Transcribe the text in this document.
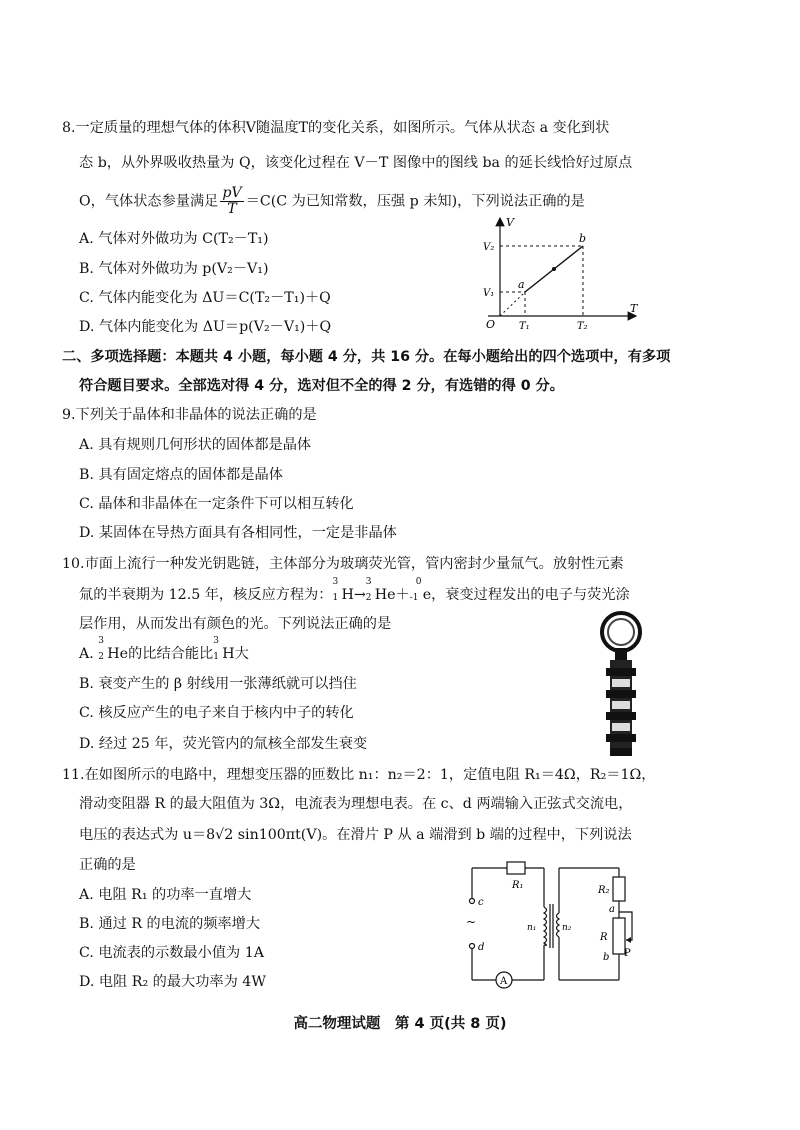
8.一定质量的理想气体的体积V随温度T的变化关系，如图所示。气体从状态 a 变化到状
态 b，从外界吸收热量为 Q，该变化过程在 V－T 图像中的图线 ba 的延长线恰好过原点
O，气体状态参量满足 $\frac{pV}{T} =C(C$ 为已知常数，压强 p 未知)，下列说法正确的是
A. 气体对外做功为 C(T₂－T₁)
B. 气体对外做功为 p(V₂－V₁)
C. 气体内能变化为 ΔU＝C(T₂－T₁)＋Q
D. 气体内能变化为 ΔU＝p(V₂－V₁)＋Q
V
T
O
V₂
V₁
T₁	T₂
a
b
二、多项选择题：本题共 4 小题，每小题 4 分，共 16 分。在每小题给出的四个选项中，有多项
符合题目要求。全部选对得 4 分，选对但不全的得 2 分，有选错的得 0 分。
9.下列关于晶体和非晶体的说法正确的是
A. 具有规则几何形状的固体都是晶体
B. 具有固定熔点的固体都是晶体
C. 晶体和非晶体在一定条件下可以相互转化
D. 某固体在导热方面具有各相同性，一定是非晶体
10.市面上流行一种发光钥匙链，主体部分为玻璃荧光管，管内密封少量氚气。放射性元素
氚的半衰期为 12.5 年，核反应方程为：
3
1 H→
3
2 He＋
0
-1 e，衰变过程发出的电子与荧光涂
层作用，从而发出有颜色的光。下列说法正确的是
A.
3
2 He的比结合能比
3
1 H大
B. 衰变产生的 β 射线用一张薄纸就可以挡住
C. 核反应产生的电子来自于核内中子的转化
D. 经过 25 年，荧光管内的氚核全部发生衰变
11.在如图所示的电路中，理想变压器的匝数比 n₁：n₂＝2：1，定值电阻 R₁＝4Ω，R₂＝1Ω，
滑动变阻器 R 的最大阻值为 3Ω，电流表为理想电表。在 c、d 两端输入正弦式交流电，
电压的表达式为 u＝8√2 sin100πt(V)。在滑片 P 从 a 端滑到 b 端的过程中，下列说法
正确的是
A. 电阻 R₁ 的功率一直增大
B. 通过 R 的电流的频率增大
C. 电流表的示数最小值为 1A
D. 电阻 R₂ 的最大功率为 4W
R₁
c
~
d
n₁	n₂
R₂
a
R
b P
A
高二物理试题　第 4 页(共 8 页)
